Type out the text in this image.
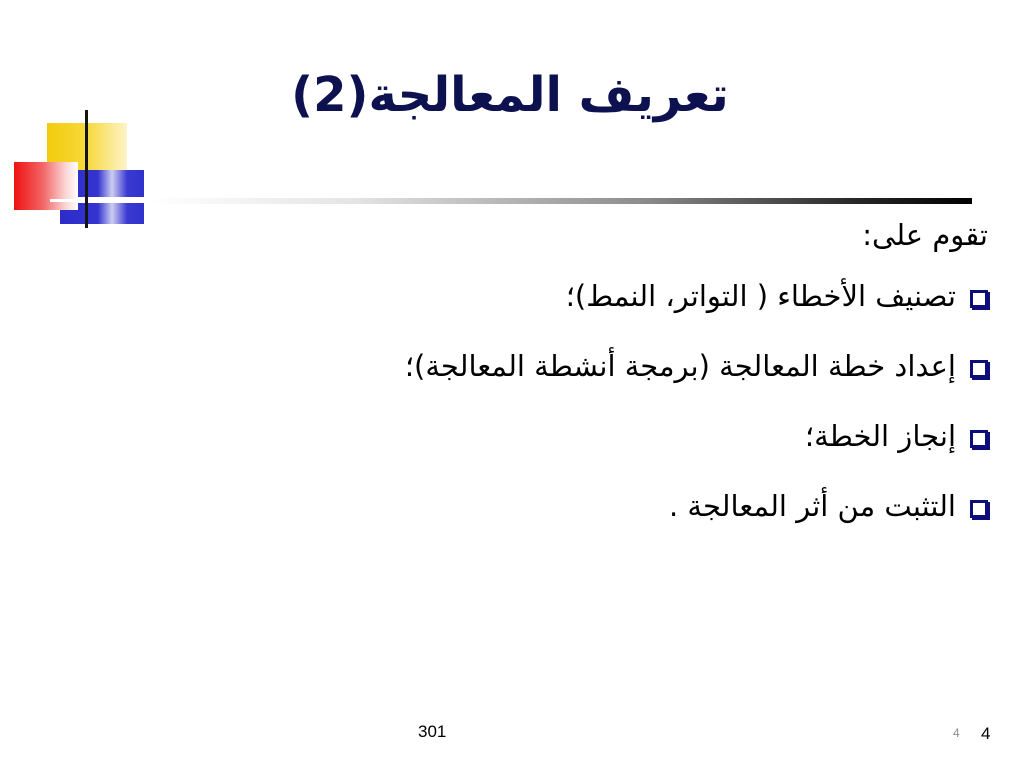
تعريف المعالجة(2)
تقوم على:
تصنيف الأخطاء ( التواتر، النمط)؛
إعداد خطة المعالجة (برمجة أنشطة المعالجة)؛
إنجاز الخطة؛
التثبت من أثر المعالجة .
301	4 4
